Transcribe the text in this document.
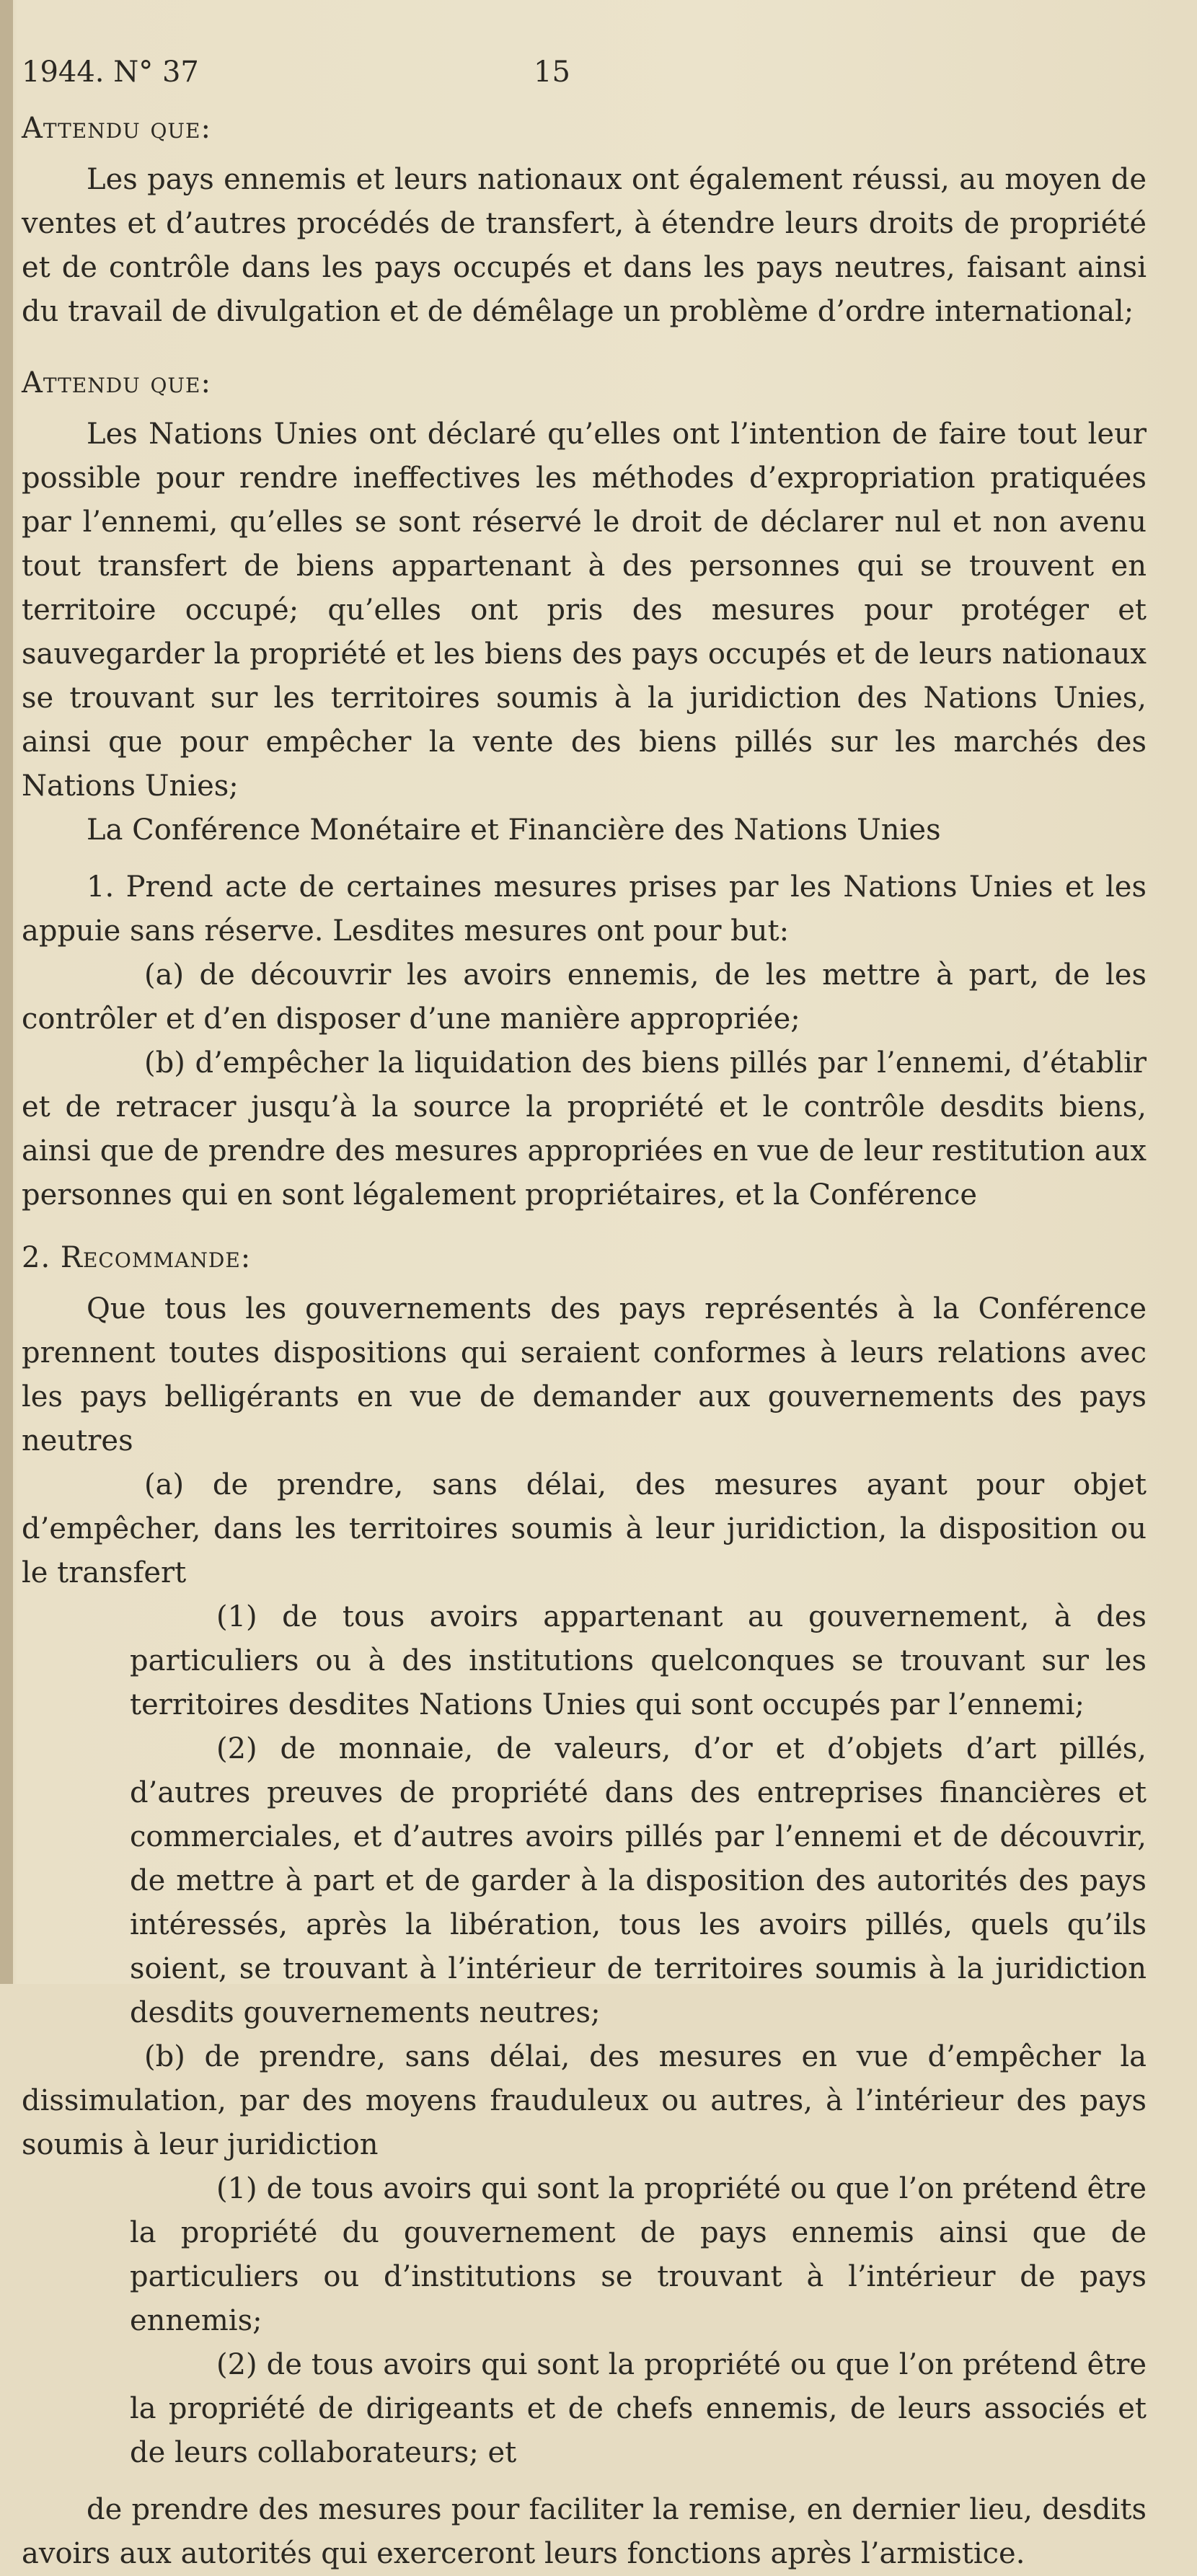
1944. N° 37	15

Attendu que:

Les pays ennemis et leurs nationaux ont également réussi, au moyen de ventes et d’autres procédés de transfert, à étendre leurs droits de propriété et de contrôle dans les pays occupés et dans les pays neutres, faisant ainsi du travail de divulgation et de démêlage un problème d’ordre international;

Attendu que:

Les Nations Unies ont déclaré qu’elles ont l’intention de faire tout leur possible pour rendre ineffectives les méthodes d’expropriation pratiquées par l’ennemi, qu’elles se sont réservé le droit de déclarer nul et non avenu tout transfert de biens appartenant à des personnes qui se trouvent en territoire occupé; qu’elles ont pris des mesures pour protéger et sauvegarder la propriété et les biens des pays occupés et de leurs nationaux se trouvant sur les territoires soumis à la juridiction des Nations Unies, ainsi que pour empêcher la vente des biens pillés sur les marchés des Nations Unies;

La Conférence Monétaire et Financière des Nations Unies

1. Prend acte de certaines mesures prises par les Nations Unies et les appuie sans réserve. Lesdites mesures ont pour but:

(a) de découvrir les avoirs ennemis, de les mettre à part, de les contrôler et d’en disposer d’une manière appropriée;

(b) d’empêcher la liquidation des biens pillés par l’ennemi, d’établir et de retracer jusqu’à la source la propriété et le contrôle desdits biens, ainsi que de prendre des mesures appropriées en vue de leur restitution aux personnes qui en sont légalement propriétaires, et la Conférence

2. Recommande:

Que tous les gouvernements des pays représentés à la Conférence prennent toutes dispositions qui seraient conformes à leurs relations avec les pays belligérants en vue de demander aux gouvernements des pays neutres

(a) de prendre, sans délai, des mesures ayant pour objet d’empêcher, dans les territoires soumis à leur juridiction, la disposition ou le transfert

(1) de tous avoirs appartenant au gouvernement, à des particuliers ou à des institutions quelconques se trouvant sur les territoires desdites Nations Unies qui sont occupés par l’ennemi;

(2) de monnaie, de valeurs, d’or et d’objets d’art pillés, d’autres preuves de propriété dans des entreprises financières et commerciales, et d’autres avoirs pillés par l’ennemi et de découvrir, de mettre à part et de garder à la disposition des autorités des pays intéressés, après la libération, tous les avoirs pillés, quels qu’ils soient, se trouvant à l’intérieur de territoires soumis à la juridiction desdits gouvernements neutres;

(b) de prendre, sans délai, des mesures en vue d’empêcher la dissimulation, par des moyens frauduleux ou autres, à l’intérieur des pays soumis à leur juridiction

(1) de tous avoirs qui sont la propriété ou que l’on prétend être la propriété du gouvernement de pays ennemis ainsi que de particuliers ou d’institutions se trouvant à l’intérieur de pays ennemis;

(2) de tous avoirs qui sont la propriété ou que l’on prétend être la propriété de dirigeants et de chefs ennemis, de leurs associés et de leurs collaborateurs; et

de prendre des mesures pour faciliter la remise, en dernier lieu, desdits avoirs aux autorités qui exerceront leurs fonctions après l’armistice.
